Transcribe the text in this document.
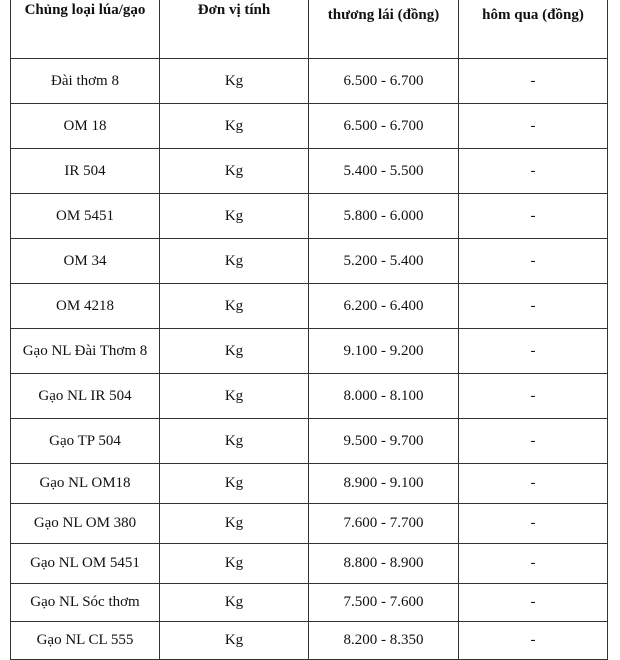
Chủng loại lúa/gạo	Đơn vị tính	thương lái (đồng)	hôm qua (đồng)

Đài thơm 8	Kg	6.500 - 6.700	-
OM 18	Kg	6.500 - 6.700	-
IR 504	Kg	5.400 - 5.500	-
OM 5451	Kg	5.800 - 6.000	-
OM 34	Kg	5.200 - 5.400	-
OM 4218	Kg	6.200 - 6.400	-
Gạo NL Đài Thơm 8	Kg	9.100 - 9.200	-
Gạo NL IR 504	Kg	8.000 - 8.100	-
Gạo TP 504	Kg	9.500 - 9.700	-
Gạo NL OM18	Kg	8.900 - 9.100	-
Gạo NL OM 380	Kg	7.600 - 7.700	-
Gạo NL OM 5451	Kg	8.800 - 8.900	-
Gạo NL Sóc thơm	Kg	7.500 - 7.600	-
Gạo NL CL 555	Kg	8.200 - 8.350	-
